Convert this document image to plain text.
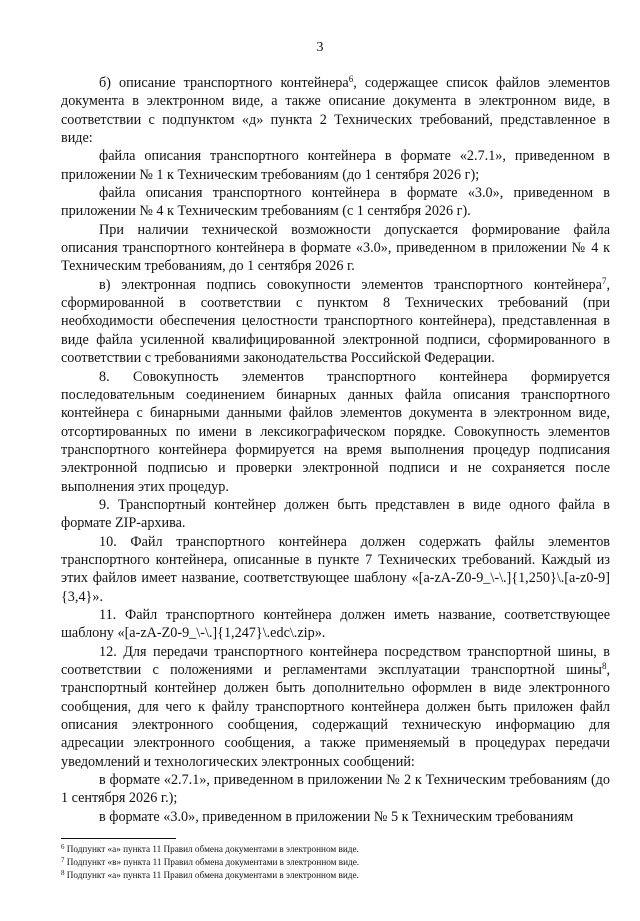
3

б) описание транспортного контейнера$^6$, содержащее список файлов элементов документа в электронном виде, а также описание документа в электронном виде, в соответствии с подпунктом «д» пункта 2 Технических требований, представленное в виде:

файла описания транспортного контейнера в формате «2.7.1», приведенном в приложении № 1 к Техническим требованиям (до 1 сентября 2026 г);

файла описания транспортного контейнера в формате «3.0», приведенном в приложении № 4 к Техническим требованиям (с 1 сентября 2026 г).

При наличии технической возможности допускается формирование файла описания транспортного контейнера в формате «3.0», приведенном в приложении № 4 к Техническим требованиям, до 1 сентября 2026 г.

в) электронная подпись совокупности элементов транспортного контейнера$^7$, сформированной в соответствии с пунктом 8 Технических требований (при необходимости обеспечения целостности транспортного контейнера), представленная в виде файла усиленной квалифицированной электронной подписи, сформированного в соответствии с требованиями законодательства Российской Федерации.

8. Совокупность элементов транспортного контейнера формируется последовательным соединением бинарных данных файла описания транспортного контейнера с бинарными данными файлов элементов документа в электронном виде, отсортированных по имени в лексикографическом порядке. Совокупность элементов транспортного контейнера формируется на время выполнения процедур подписания электронной подписью и проверки электронной подписи и не сохраняется после выполнения этих процедур.

9. Транспортный контейнер должен быть представлен в виде одного файла в формате ZIP-архива.

10. Файл транспортного контейнера должен содержать файлы элементов транспортного контейнера, описанные в пункте 7 Технических требований. Каждый из этих файлов имеет название, соответствующее шаблону «[a-zA-Z0-9_\-\.]{1,250}\.[a-z0-9]{3,4}».

11. Файл транспортного контейнера должен иметь название, соответствующее шаблону «[a-zA-Z0-9_\-\.]{1,247}\.edc\.zip».

12. Для передачи транспортного контейнера посредством транспортной шины, в соответствии с положениями и регламентами эксплуатации транспортной шины$^8$, транспортный контейнер должен быть дополнительно оформлен в виде электронного сообщения, для чего к файлу транспортного контейнера должен быть приложен файл описания электронного сообщения, содержащий техническую информацию для адресации электронного сообщения, а также применяемый в процедурах передачи уведомлений и технологических электронных сообщений:

в формате «2.7.1», приведенном в приложении № 2 к Техническим требованиям (до 1 сентября 2026 г.);

в формате «3.0», приведенном в приложении № 5 к Техническим требованиям

$^6$ Подпункт «а» пункта 11 Правил обмена документами в электронном виде.

$^7$ Подпункт «в» пункта 11 Правил обмена документами в электронном виде.

$^8$ Подпункт «а» пункта 11 Правил обмена документами в электронном виде.
